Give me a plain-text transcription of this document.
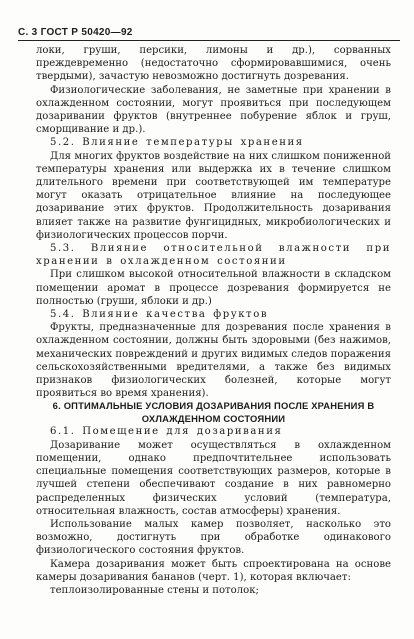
С. 3 ГОСТ Р 50420—92

локи, груши, персики, лимоны и др.), сорванных преждевременно (недостаточно сформировавшимися, очень твердыми), зачастую невозможно достигнуть дозревания.

Физиологические заболевания, не заметные при хранении в охлажденном состоянии, могут проявиться при последующем дозаривании фруктов (внутреннее побурение яблок и груш, сморщивание и др.).

5.2. Влияние температуры хранения

Для многих фруктов воздействие на них слишком пониженной температуры хранения или выдержка их в течение слишком длительного времени при соответствующей им температуре могут оказать отрицательное влияние на последующее дозаривание этих фруктов. Продолжительность дозаривания влияет также на развитие фунгицидных, микробиологических и физиологических процессов порчи.

5.3. Влияние относительной влажности при хранении в охлажденном состоянии

При слишком высокой относительной влажности в складском помещении аромат в процессе дозревания формируется не полностью (груши, яблоки и др.)

5.4. Влияние качества фруктов

Фрукты, предназначенные для дозревания после хранения в охлажденном состоянии, должны быть здоровыми (без нажимов, механических повреждений и других видимых следов поражения сельскохозяйственными вредителями, а также без видимых признаков физиологических болезней, которые могут проявиться во время хранения).

6. ОПТИМАЛЬНЫЕ УСЛОВИЯ ДОЗАРИВАНИЯ ПОСЛЕ ХРАНЕНИЯ В ОХЛАЖДЕННОМ СОСТОЯНИИ

6.1. Помещение для дозаривания

Дозаривание может осуществляться в охлажденном помещении, однако предпочтительнее использовать специальные помещения соответствующих размеров, которые в лучшей степени обеспечивают создание в них равномерно распределенных физических условий (температура, относительная влажность, состав атмосферы) хранения.

Использование малых камер позволяет, насколько это возможно, достигнуть при обработке одинакового физиологического состояния фруктов.

Камера дозаривания может быть спроектирована на основе камеры дозаривания бананов (черт. 1), которая включает:

теплоизолированные стены и потолок;
